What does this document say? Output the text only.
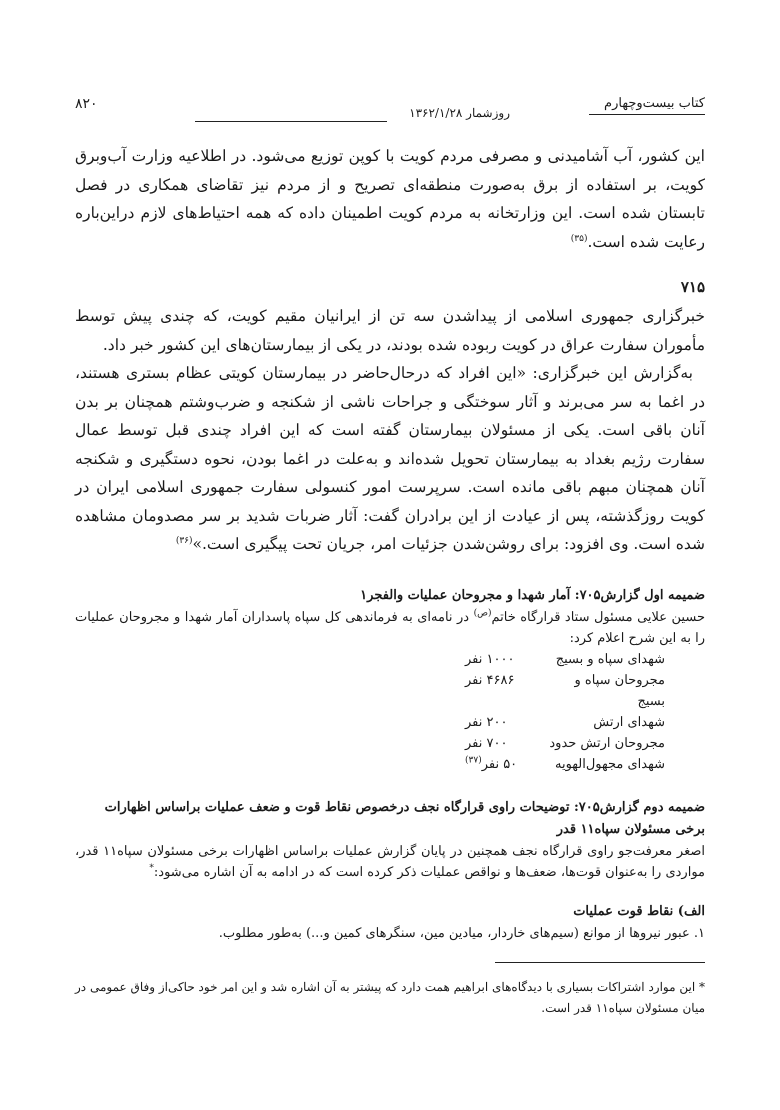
کتاب بیست‌وچهارم
روزشمار ۱۳۶۲/۱/۲۸
۸۲۰

این کشور، آب آشامیدنی و مصرفی مردم کویت با کوپن توزیع می‌شود. در اطلاعیه وزارت آب‌وبرق کویت، بر استفاده از برق به‌صورت منطقه‌ای تصریح و از مردم نیز تقاضای همکاری در فصل تابستان شده است. این وزارتخانه به مردم کویت اطمینان داده که همه احتیاط‌های لازم دراین‌باره رعایت شده است.$^{(۳۵)}$

۷۱۵

خبرگزاری جمهوری اسلامی از پیداشدن سه تن از ایرانیان مقیم کویت، که چندی پیش توسط مأموران سفارت عراق در کویت ربوده شده بودند، در یکی از بیمارستان‌های این کشور خبر داد.

به‌گزارش این خبرگزاری: «این افراد که درحال‌حاضر در بیمارستان کویتی عظام بستری هستند، در اغما به سر می‌برند و آثار سوختگی و جراحات ناشی از شکنجه و ضرب‌وشتم همچنان بر بدن آنان باقی است. یکی از مسئولان بیمارستان گفته است که این افراد چندی قبل توسط عمال سفارت رژیم بغداد به بیمارستان تحویل شده‌اند و به‌علت در اغما بودن، نحوه دستگیری و شکنجه آنان همچنان مبهم باقی مانده است. سرپرست امور کنسولی سفارت جمهوری اسلامی ایران در کویت روزگذشته، پس از عیادت از این برادران گفت: آثار ضربات شدید بر سر مصدومان مشاهده شده است. وی افزود: برای روشن‌شدن جزئیات امر، جریان تحت پیگیری است.»$^{(۳۶)}$

ضمیمه اول گزارش۷۰۵: آمار شهدا و مجروحان عملیات والفجر۱

حسین علایی مسئول ستاد قرارگاه خاتم$^{(ص)}$ در نامه‌ای به فرماندهی کل سپاه پاسداران آمار شهدا و مجروحان عملیات را به این شرح اعلام کرد:

شهدای سپاه و بسیج
۱۰۰۰ نفر
مجروحان سپاه و بسیج
۴۶۸۶ نفر
شهدای ارتش
۲۰۰ نفر
مجروحان ارتش حدود
۷۰۰ نفر
شهدای مجهول‌الهویه
۵۰ نفر$^{(۳۷)}$

ضمیمه دوم گزارش۷۰۵: توضیحات راوی قرارگاه نجف درخصوص نقاط قوت و ضعف عملیات براساس اظهارات برخی مسئولان سپاه۱۱ قدر

اصغر معرفت‌جو راوی قرارگاه نجف همچنین در پایان گزارش عملیات براساس اظهارات برخی مسئولان سپاه۱۱ قدر، مواردی را به‌عنوان قوت‌ها، ضعف‌ها و نواقص عملیات ذکر کرده است که در ادامه به آن اشاره می‌شود:*

الف) نقاط قوت عملیات

۱. عبور نیروها از موانع (سیم‌های خاردار، میادین مین، سنگرهای کمین و...) به‌طور مطلوب.

* این موارد اشتراکات بسیاری با دیدگاه‌های ابراهیم همت دارد که پیشتر به آن اشاره شد و این امر خود حاکی‌از وفاق عمومی در میان مسئولان سپاه۱۱ قدر است.
